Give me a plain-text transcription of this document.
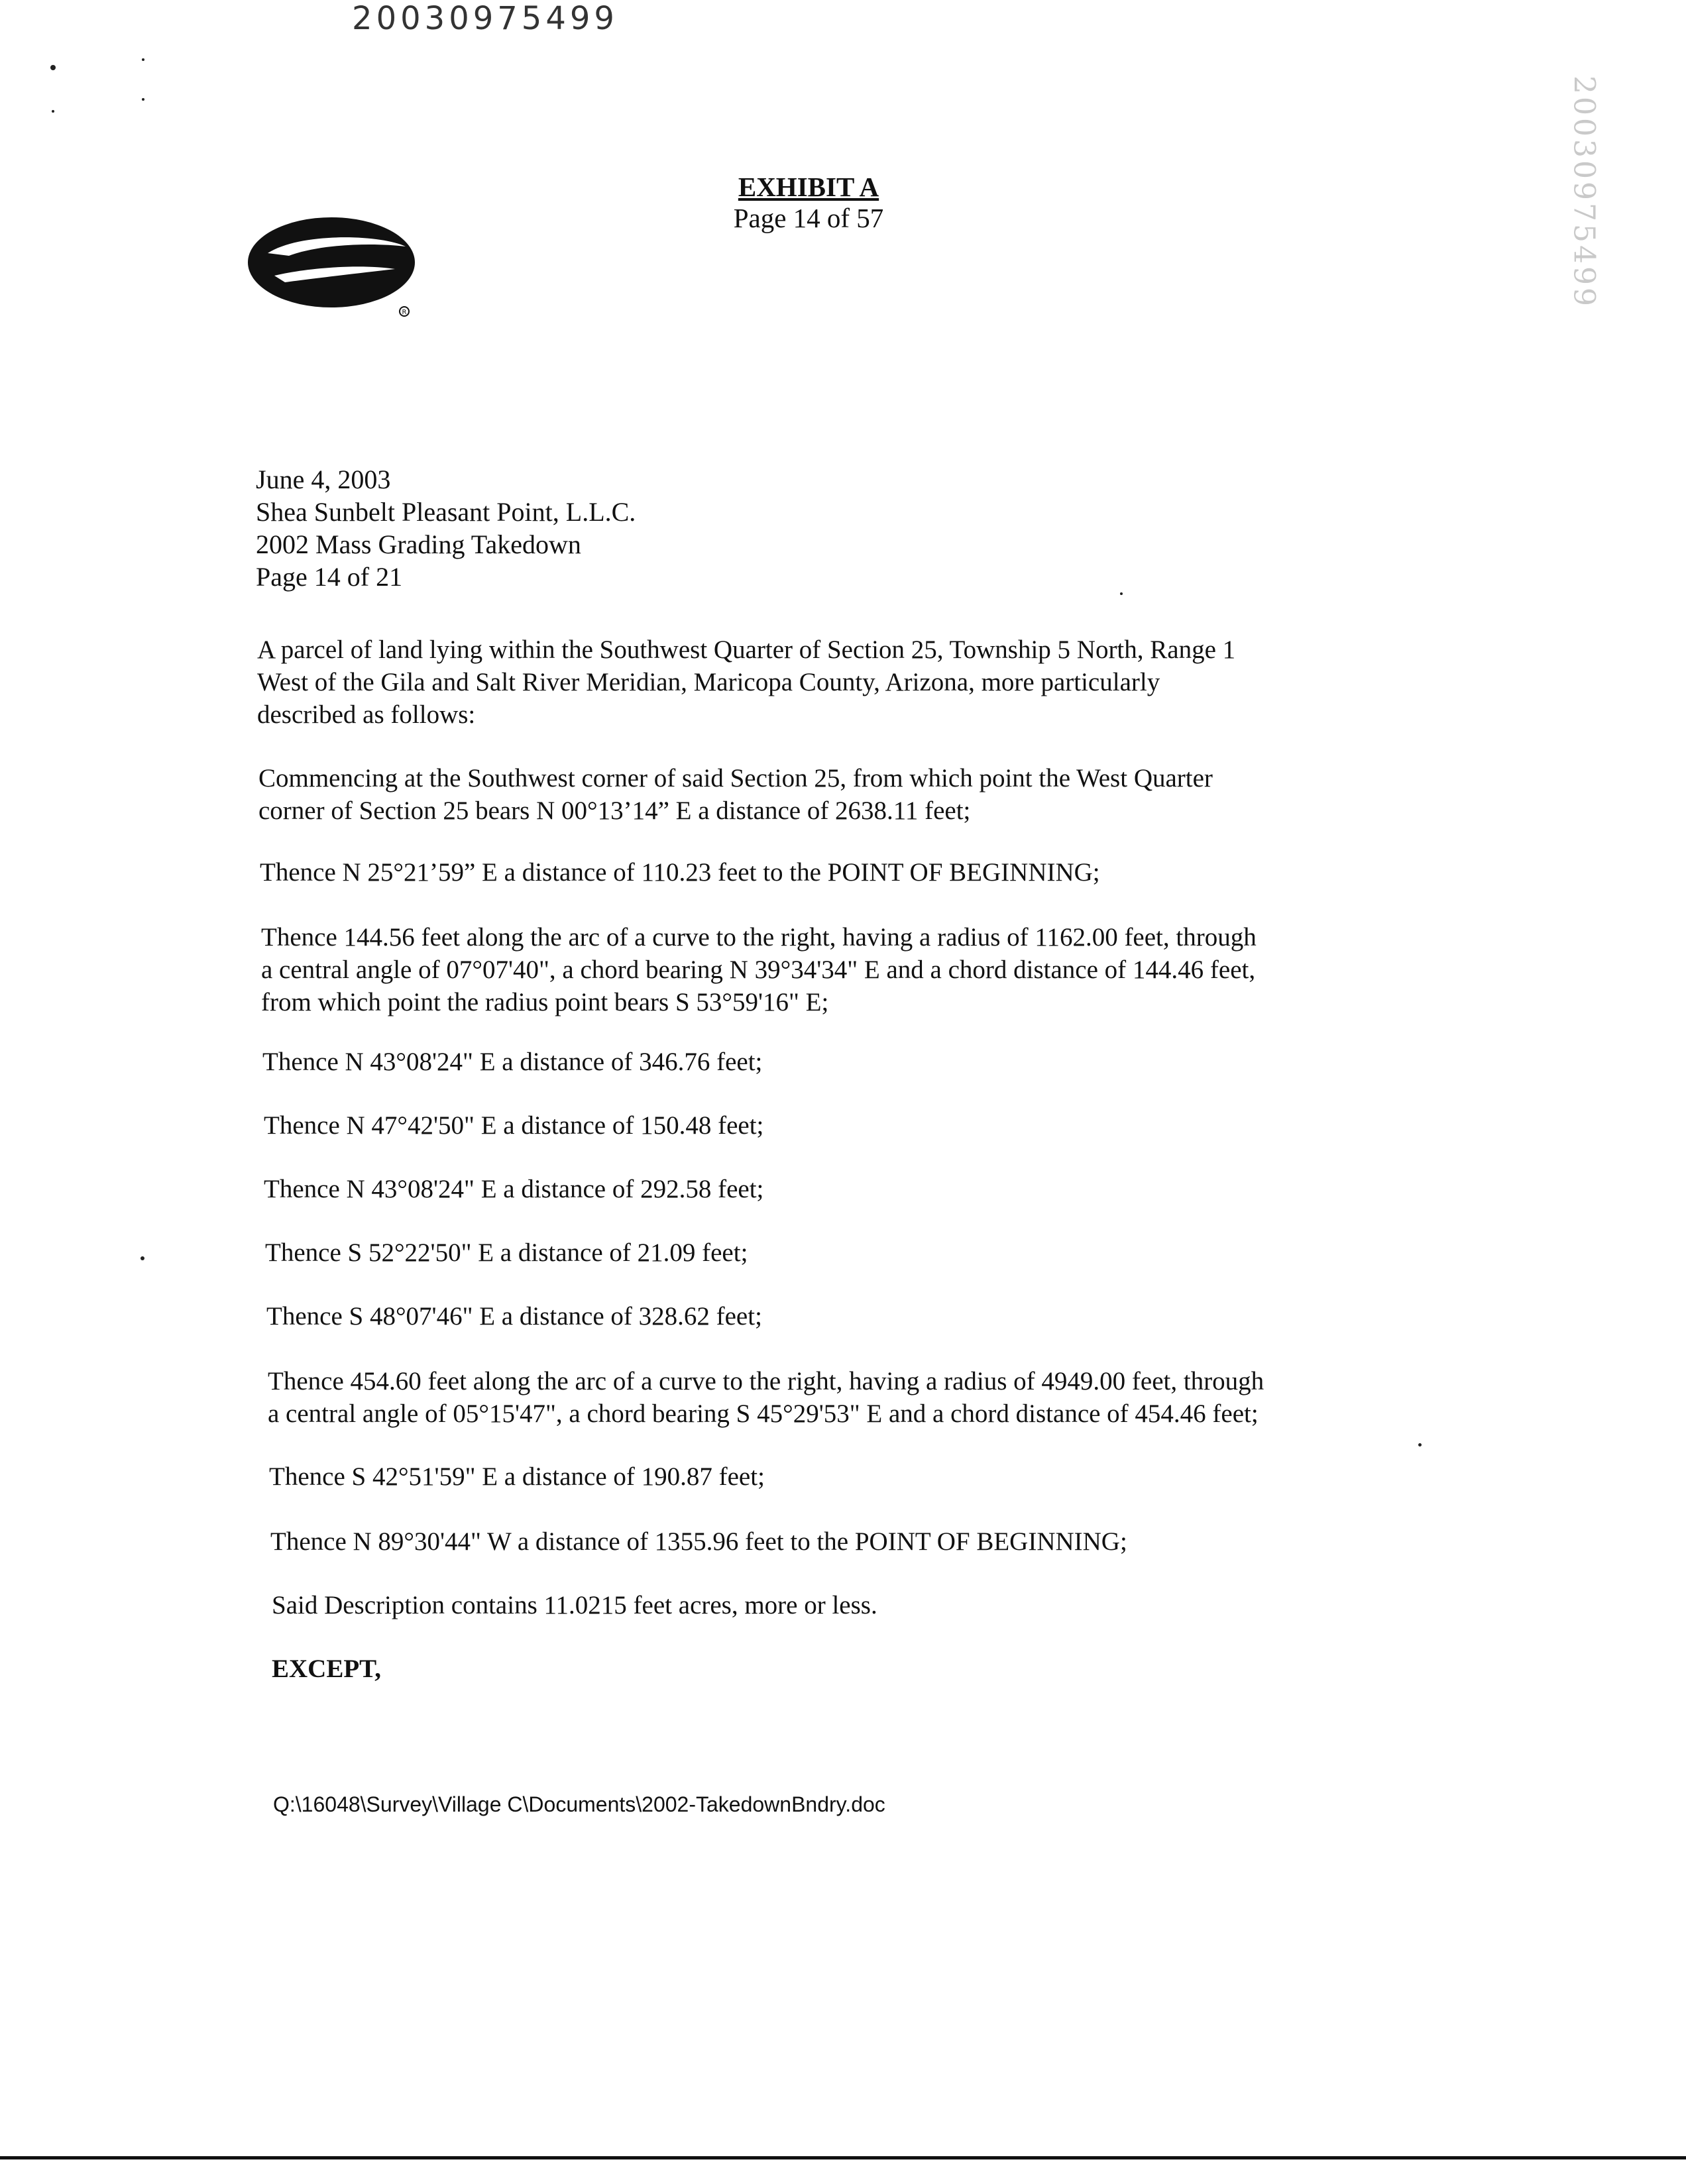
20030975499
20030975499
EXHIBIT A
Page 14 of 57
R
June 4, 2003
Shea Sunbelt Pleasant Point, L.L.C.
2002 Mass Grading Takedown
Page 14 of 21
A parcel of land lying within the Southwest Quarter of Section 25, Township 5 North, Range 1
West of the Gila and Salt River Meridian, Maricopa County, Arizona, more particularly
described as follows:
Commencing at the Southwest corner of said Section 25, from which point the West Quarter
corner of Section 25 bears N 00°13’14” E a distance of 2638.11 feet;
Thence N 25°21’59” E a distance of 110.23 feet to the POINT OF BEGINNING;
Thence 144.56 feet along the arc of a curve to the right, having a radius of 1162.00 feet, through
a central angle of 07°07'40", a chord bearing N 39°34'34" E and a chord distance of 144.46 feet,
from which point the radius point bears S 53°59'16" E;
Thence N 43°08'24" E a distance of 346.76 feet;
Thence N 47°42'50" E a distance of 150.48 feet;
Thence N 43°08'24" E a distance of 292.58 feet;
Thence S 52°22'50" E a distance of 21.09 feet;
Thence S 48°07'46" E a distance of 328.62 feet;
Thence 454.60 feet along the arc of a curve to the right, having a radius of 4949.00 feet, through
a central angle of 05°15'47", a chord bearing S 45°29'53" E and a chord distance of 454.46 feet;
Thence S 42°51'59" E a distance of 190.87 feet;
Thence N 89°30'44" W a distance of 1355.96 feet to the POINT OF BEGINNING;
Said Description contains 11.0215 feet acres, more or less.
EXCEPT,
Q:\16048\Survey\Village C\Documents\2002-TakedownBndry.doc
